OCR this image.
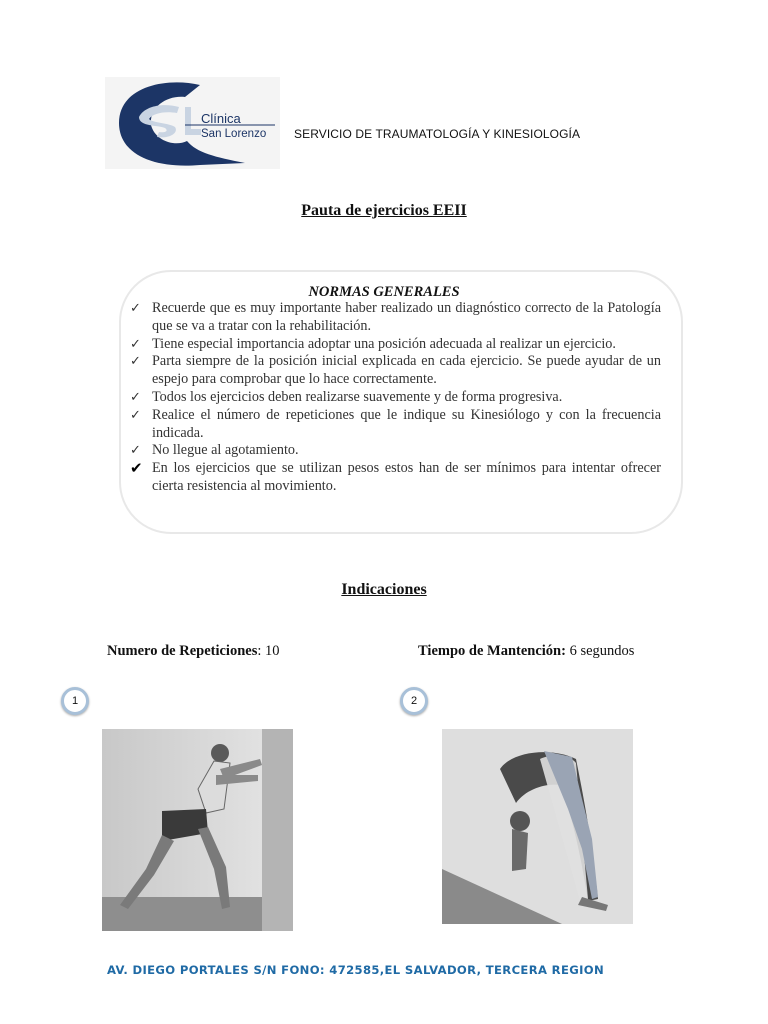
Clínica
San Lorenzo SERVICIO DE TRAUMATOLOGÍA Y KINESIOLOGÍA
Pauta de ejercicios EEII
NORMAS GENERALES
✓ Recuerde que es muy importante haber realizado un diagnóstico correcto de la Patología que se va a tratar con la rehabilitación.
✓ Tiene especial importancia adoptar una posición adecuada al realizar un ejercicio.
✓ Parta siempre de la posición inicial explicada en cada ejercicio. Se puede ayudar de un espejo para comprobar que lo hace correctamente.
✓ Todos los ejercicios deben realizarse suavemente y de forma progresiva.
✓ Realice el número de repeticiones que le indique su Kinesiólogo y con la frecuencia indicada.
✓ No llegue al agotamiento.
✔ En los ejercicios que se utilizan pesos estos han de ser mínimos para intentar ofrecer cierta resistencia al movimiento.
Indicaciones
Numero de Repeticiones: 10	Tiempo de Mantención: 6 segundos
1	2
AV. DIEGO PORTALES S/N FONO: 472585,EL SALVADOR, TERCERA REGION
